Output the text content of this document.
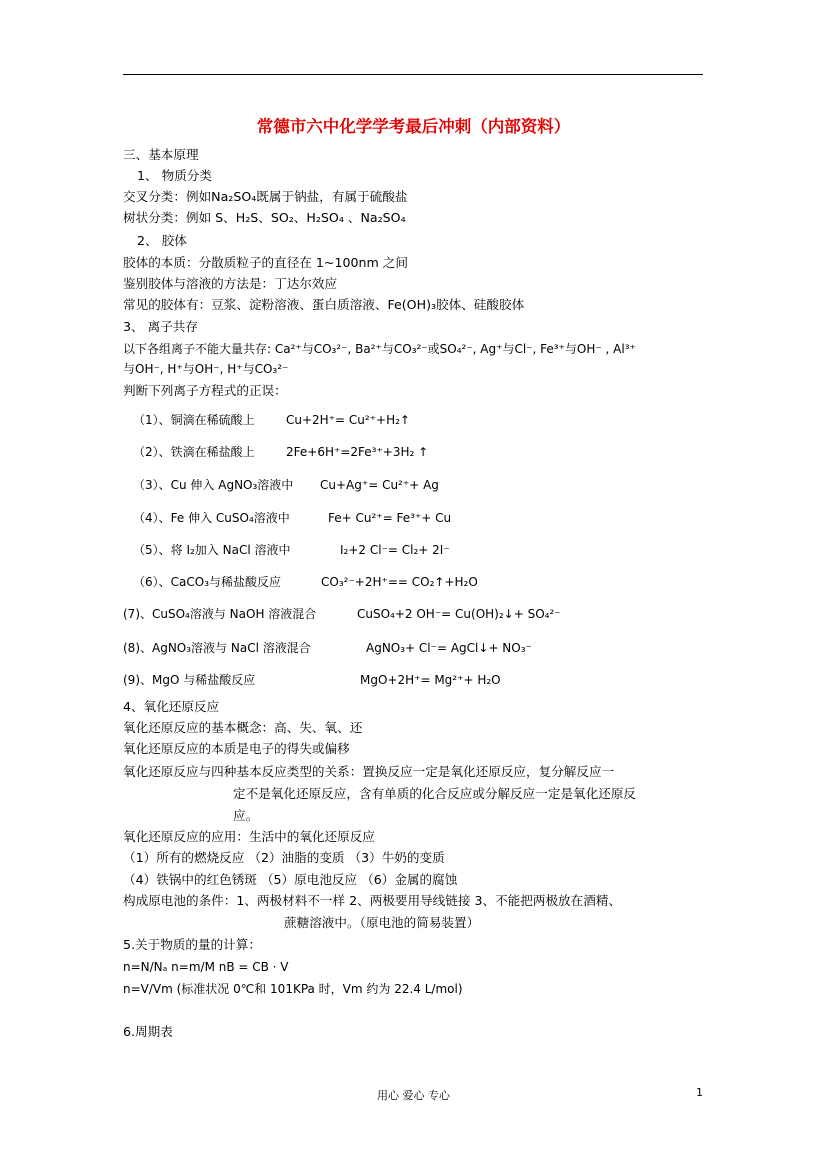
常德市六中化学学考最后冲刺（内部资料）
三、基本原理
1、 物质分类
交叉分类：例如Na₂SO₄既属于钠盐，有属于硫酸盐
树状分类：例如 S、H₂S、SO₂、H₂SO₄ 、Na₂SO₄
2、 胶体
胶体的本质：分散质粒子的直径在 1~100nm 之间
鉴别胶体与溶液的方法是：丁达尔效应
常见的胶体有：豆浆、淀粉溶液、蛋白质溶液、Fe(OH)₃胶体、硅酸胶体
3、 离子共存
以下各组离子不能大量共存: Ca²⁺与CO₃²⁻, Ba²⁺与CO₃²⁻或SO₄²⁻, Ag⁺与Cl⁻, Fe³⁺与OH⁻ , Al³⁺
与OH⁻, H⁺与OH⁻, H⁺与CO₃²⁻
判断下列离子方程式的正误：
（1）、铜滴在稀硫酸上	Cu+2H⁺= Cu²⁺+H₂↑
（2）、铁滴在稀盐酸上	2Fe+6H⁺=2Fe³⁺+3H₂ ↑
（3）、Cu 伸入 AgNO₃溶液中 Cu+Ag⁺= Cu²⁺+ Ag
（4）、Fe 伸入 CuSO₄溶液中	Fe+ Cu²⁺= Fe³⁺+ Cu
（5）、将 I₂加入 NaCl 溶液中	I₂+2 Cl⁻= Cl₂+ 2I⁻
（6）、CaCO₃与稀盐酸反应	CO₃²⁻+2H⁺== CO₂↑+H₂O
(7)、CuSO₄溶液与 NaOH 溶液混合	CuSO₄+2 OH⁻= Cu(OH)₂↓+ SO₄²⁻
(8)、AgNO₃溶液与 NaCl 溶液混合	AgNO₃+ Cl⁻= AgCl↓+ NO₃⁻
(9)、MgO 与稀盐酸反应	MgO+2H⁺= Mg²⁺+ H₂O
4、氧化还原反应
氧化还原反应的基本概念：高、失、氧、还
氧化还原反应的本质是电子的得失或偏移
氧化还原反应与四种基本反应类型的关系：置换反应一定是氧化还原反应，复分解反应一
定不是氧化还原反应，含有单质的化合反应或分解反应一定是氧化还原反
应。
氧化还原反应的应用：生活中的氧化还原反应
（1）所有的燃烧反应 （2）油脂的变质 （3）牛奶的变质
（4）铁锅中的红色锈斑 （5）原电池反应 （6）金属的腐蚀
构成原电池的条件：1、两极材料不一样 2、两极要用导线链接 3、不能把两极放在酒精、
蔗糖溶液中。（原电池的简易装置）
5.关于物质的量的计算：
n=N/Nₐ n=m/M nB = CB · V
n=V/Vm (标准状况 0℃和 101KPa 时，Vm 约为 22.4 L/mol)
6.周期表
用心 爱心 专心	1
